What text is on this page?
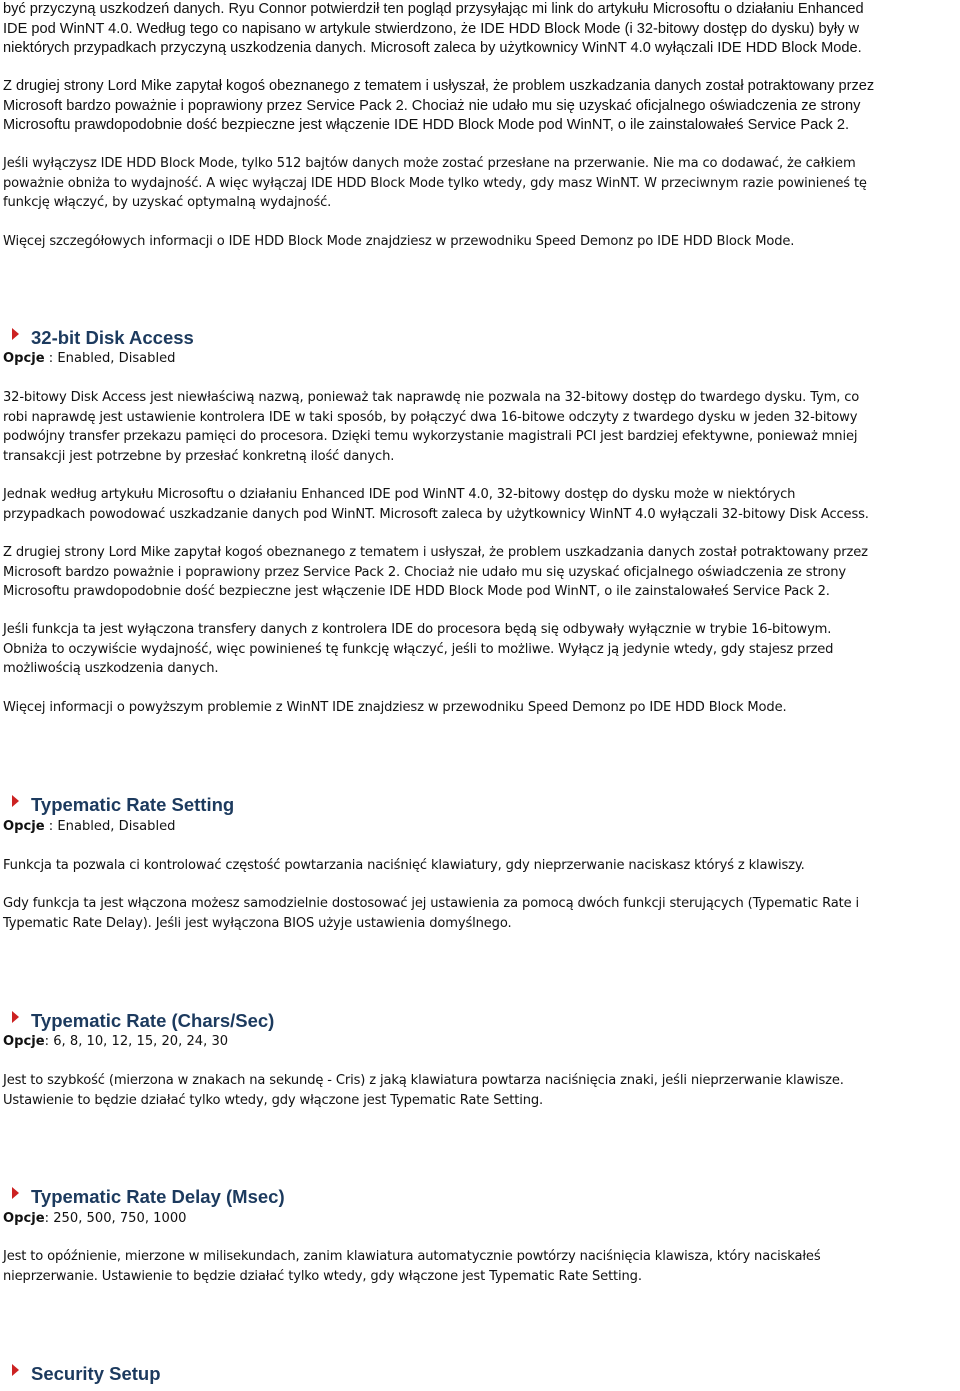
być przyczyną uszkodzeń danych. Ryu Connor potwierdził ten pogląd przysyłając mi link do artykułu Microsoftu o działaniu Enhanced

IDE pod WinNT 4.0. Według tego co napisano w artykule stwierdzono, że IDE HDD Block Mode (i 32-bitowy dostęp do dysku) były w

niektórych przypadkach przyczyną uszkodzenia danych. Microsoft zaleca by użytkownicy WinNT 4.0 wyłączali IDE HDD Block Mode.

Z drugiej strony Lord Mike zapytał kogoś obeznanego z tematem i usłyszał, że problem uszkadzania danych został potraktowany przez

Microsoft bardzo poważnie i poprawiony przez Service Pack 2. Chociaż nie udało mu się uzyskać oficjalnego oświadczenia ze strony

Microsoftu prawdopodobnie dość bezpieczne jest włączenie IDE HDD Block Mode pod WinNT, o ile zainstalowałeś Service Pack 2.

Jeśli wyłączysz IDE HDD Block Mode, tylko 512 bajtów danych może zostać przesłane na przerwanie. Nie ma co dodawać, że całkiem

poważnie obniża to wydajność. A więc wyłączaj IDE HDD Block Mode tylko wtedy, gdy masz WinNT. W przeciwnym razie powinieneś tę

funkcję włączyć, by uzyskać optymalną wydajność.

Więcej szczegółowych informacji o IDE HDD Block Mode znajdziesz w przewodniku Speed Demonz po IDE HDD Block Mode.

32-bit Disk Access
Opcje : Enabled, Disabled

32-bitowy Disk Access jest niewłaściwą nazwą, ponieważ tak naprawdę nie pozwala na 32-bitowy dostęp do twardego dysku. Tym, co

robi naprawdę jest ustawienie kontrolera IDE w taki sposób, by połączyć dwa 16-bitowe odczyty z twardego dysku w jeden 32-bitowy

podwójny transfer przekazu pamięci do procesora. Dzięki temu wykorzystanie magistrali PCI jest bardziej efektywne, ponieważ mniej

transakcji jest potrzebne by przesłać konkretną ilość danych.

Jednak według artykułu Microsoftu o działaniu Enhanced IDE pod WinNT 4.0, 32-bitowy dostęp do dysku może w niektórych

przypadkach powodować uszkadzanie danych pod WinNT. Microsoft zaleca by użytkownicy WinNT 4.0 wyłączali 32-bitowy Disk Access.

Z drugiej strony Lord Mike zapytał kogoś obeznanego z tematem i usłyszał, że problem uszkadzania danych został potraktowany przez

Microsoft bardzo poważnie i poprawiony przez Service Pack 2. Chociaż nie udało mu się uzyskać oficjalnego oświadczenia ze strony

Microsoftu prawdopodobnie dość bezpieczne jest włączenie IDE HDD Block Mode pod WinNT, o ile zainstalowałeś Service Pack 2.

Jeśli funkcja ta jest wyłączona transfery danych z kontrolera IDE do procesora będą się odbywały wyłącznie w trybie 16-bitowym.

Obniża to oczywiście wydajność, więc powinieneś tę funkcję włączyć, jeśli to możliwe. Wyłącz ją jedynie wtedy, gdy stajesz przed

możliwością uszkodzenia danych.

Więcej informacji o powyższym problemie z WinNT IDE znajdziesz w przewodniku Speed Demonz po IDE HDD Block Mode.

Typematic Rate Setting
Opcje : Enabled, Disabled

Funkcja ta pozwala ci kontrolować częstość powtarzania naciśnięć klawiatury, gdy nieprzerwanie naciskasz któryś z klawiszy.

Gdy funkcja ta jest włączona możesz samodzielnie dostosować jej ustawienia za pomocą dwóch funkcji sterujących (Typematic Rate i

Typematic Rate Delay). Jeśli jest wyłączona BIOS użyje ustawienia domyślnego.

Typematic Rate (Chars/Sec)
Opcje: 6, 8, 10, 12, 15, 20, 24, 30

Jest to szybkość (mierzona w znakach na sekundę - Cris) z jaką klawiatura powtarza naciśnięcia znaki, jeśli nieprzerwanie klawisze.

Ustawienie to będzie działać tylko wtedy, gdy włączone jest Typematic Rate Setting.

Typematic Rate Delay (Msec)
Opcje: 250, 500, 750, 1000

Jest to opóźnienie, mierzone w milisekundach, zanim klawiatura automatycznie powtórzy naciśnięcia klawisza, który naciskałeś

nieprzerwanie. Ustawienie to będzie działać tylko wtedy, gdy włączone jest Typematic Rate Setting.

Security Setup
